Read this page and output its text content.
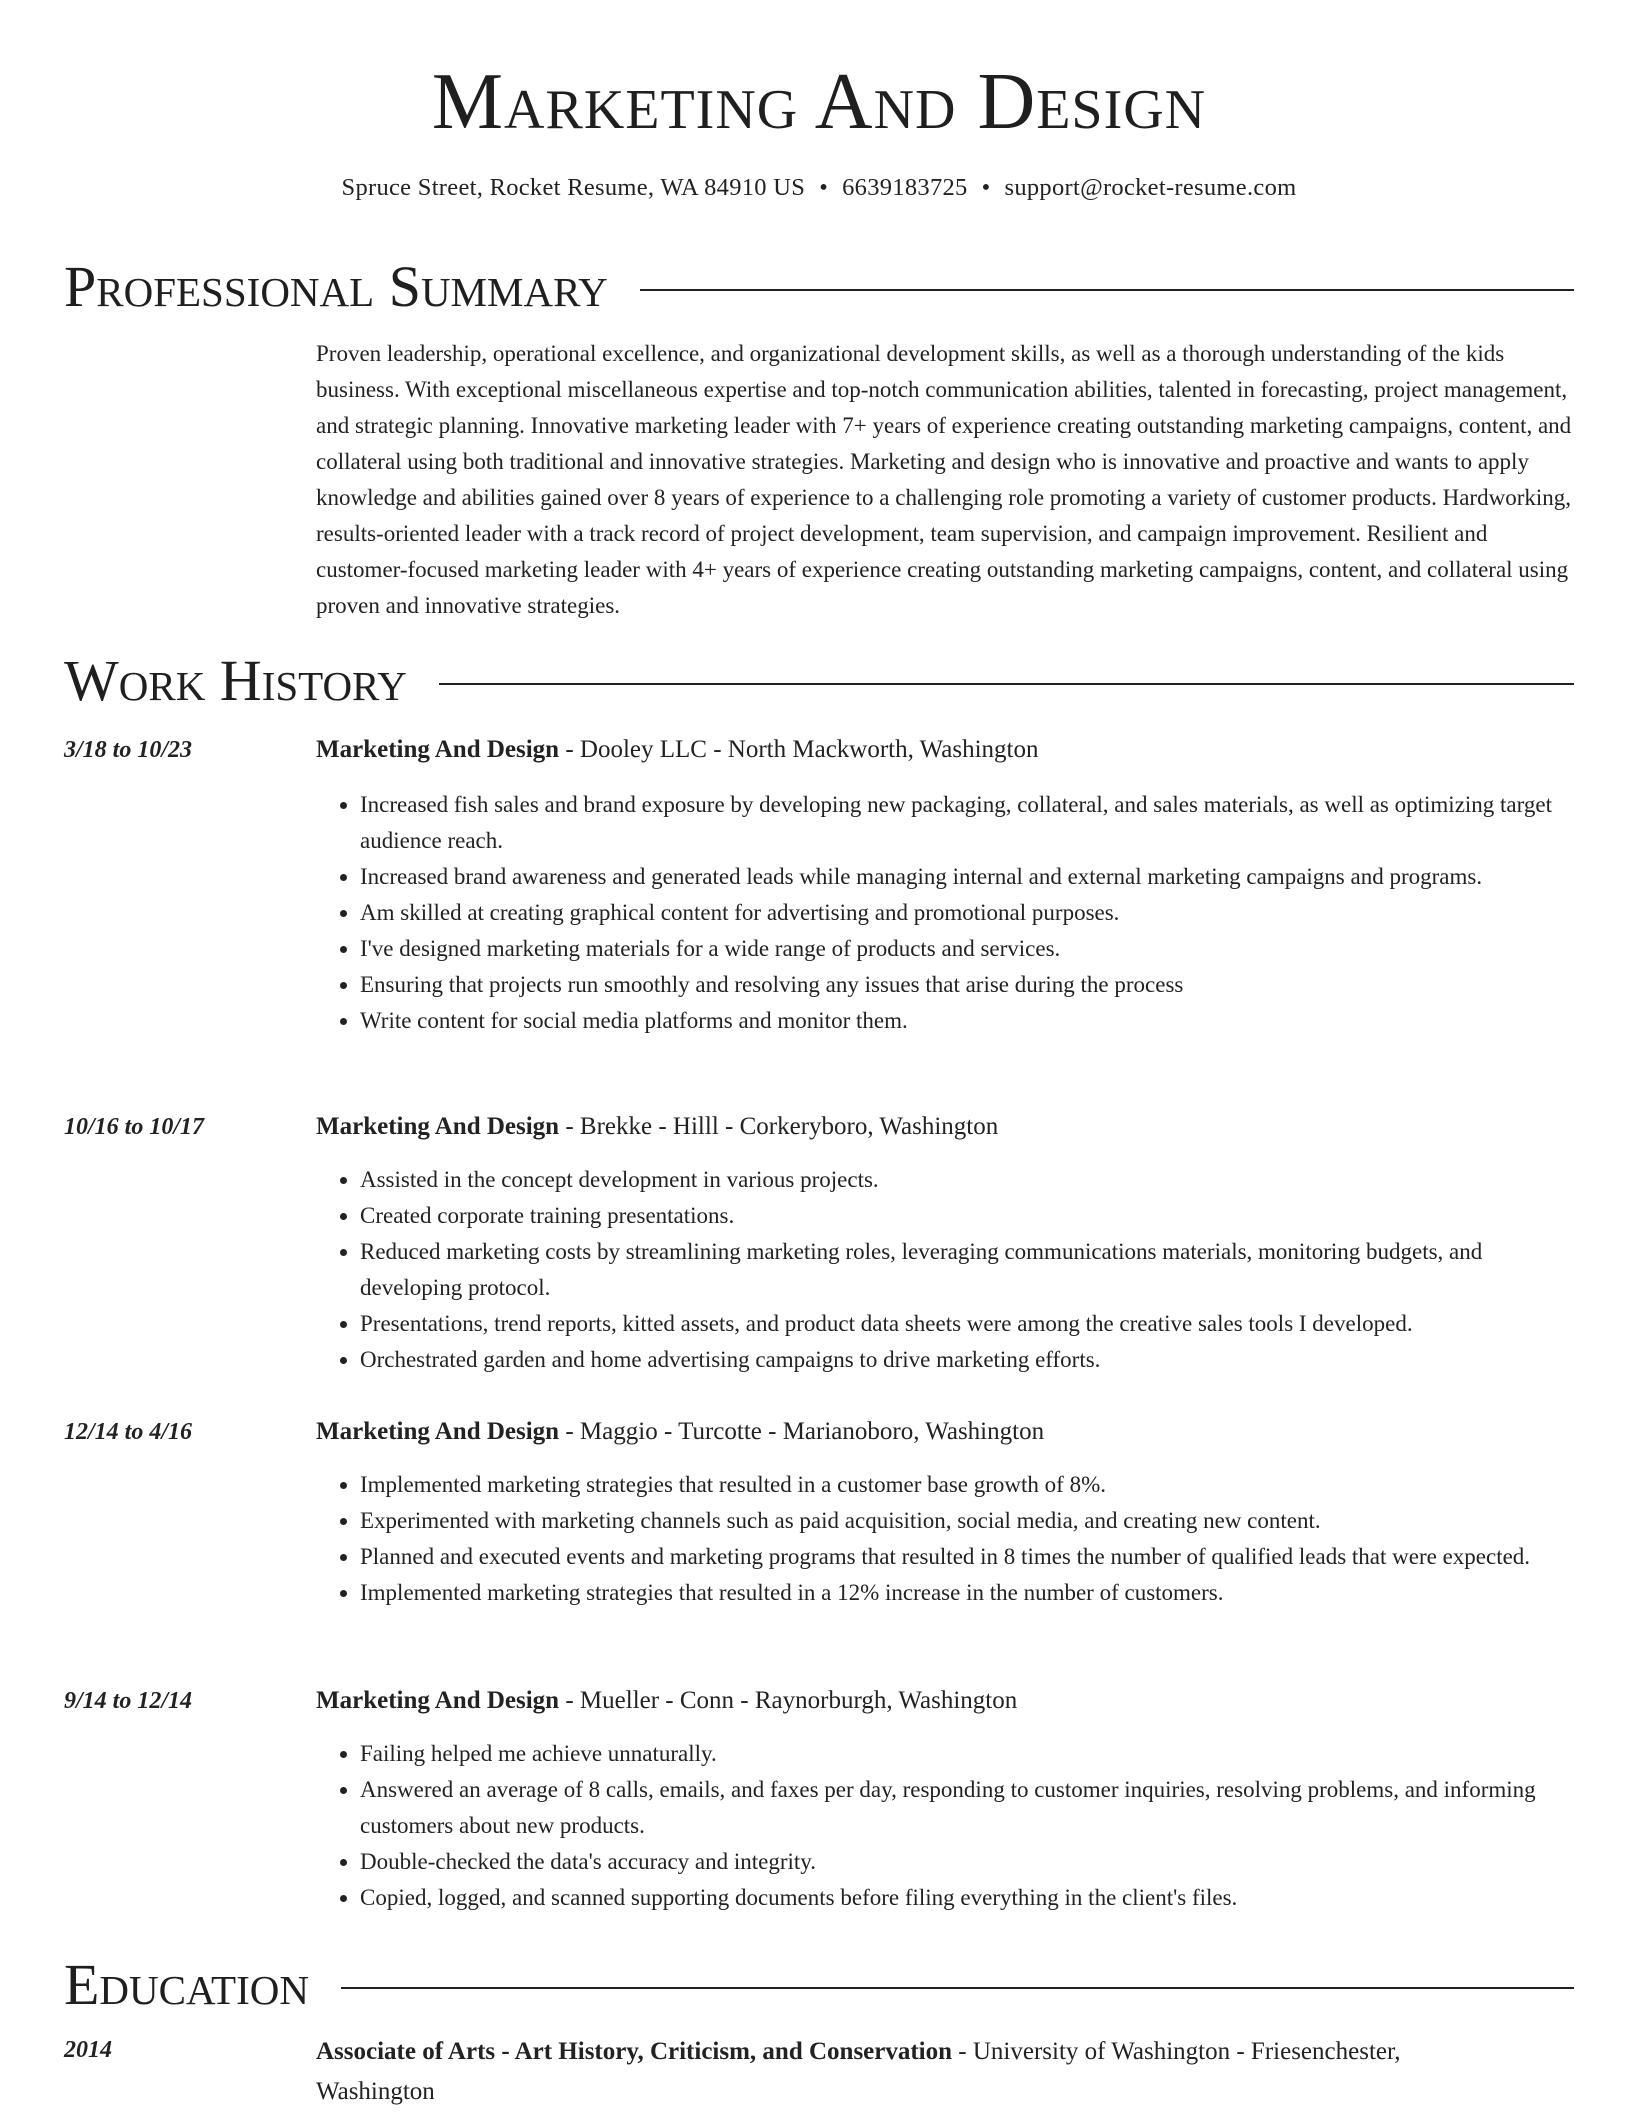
Marketing And Design
Spruce Street, Rocket Resume, WA 84910 US • 6639183725 • support@rocket-resume.com
Professional Summary

Proven leadership, operational excellence, and organizational development skills, as well as a thorough understanding of the kids business. With exceptional miscellaneous expertise and top-notch communication abilities, talented in forecasting, project management, and strategic planning. Innovative marketing leader with 7+ years of experience creating outstanding marketing campaigns, content, and collateral using both traditional and innovative strategies. Marketing and design who is innovative and proactive and wants to apply knowledge and abilities gained over 8 years of experience to a challenging role promoting a variety of customer products. Hardworking, results-oriented leader with a track record of project development, team supervision, and campaign improvement. Resilient and customer-focused marketing leader with 4+ years of experience creating outstanding marketing campaigns, content, and collateral using proven and innovative strategies.

Work History
3/18 to 10/23	Marketing And Design - Dooley LLC - North Mackworth, Washington
• Increased fish sales and brand exposure by developing new packaging, collateral, and sales materials, as well as optimizing target audience reach.
• Increased brand awareness and generated leads while managing internal and external marketing campaigns and programs.
• Am skilled at creating graphical content for advertising and promotional purposes.
• I've designed marketing materials for a wide range of products and services.
• Ensuring that projects run smoothly and resolving any issues that arise during the process
• Write content for social media platforms and monitor them.
10/16 to 10/17	Marketing And Design - Brekke - Hilll - Corkeryboro, Washington
• Assisted in the concept development in various projects.
• Created corporate training presentations.
• Reduced marketing costs by streamlining marketing roles, leveraging communications materials, monitoring budgets, and developing protocol.
• Presentations, trend reports, kitted assets, and product data sheets were among the creative sales tools I developed.
• Orchestrated garden and home advertising campaigns to drive marketing efforts.
12/14 to 4/16	Marketing And Design - Maggio - Turcotte - Marianoboro, Washington
• Implemented marketing strategies that resulted in a customer base growth of 8%.
• Experimented with marketing channels such as paid acquisition, social media, and creating new content.
• Planned and executed events and marketing programs that resulted in 8 times the number of qualified leads that were expected.
• Implemented marketing strategies that resulted in a 12% increase in the number of customers.
9/14 to 12/14	Marketing And Design - Mueller - Conn - Raynorburgh, Washington
• Failing helped me achieve unnaturally.
• Answered an average of 8 calls, emails, and faxes per day, responding to customer inquiries, resolving problems, and informing customers about new products.
• Double-checked the data's accuracy and integrity.
• Copied, logged, and scanned supporting documents before filing everything in the client's files.
Education
2014	Associate of Arts - Art History, Criticism, and Conservation - University of Washington - Friesenchester, Washington
